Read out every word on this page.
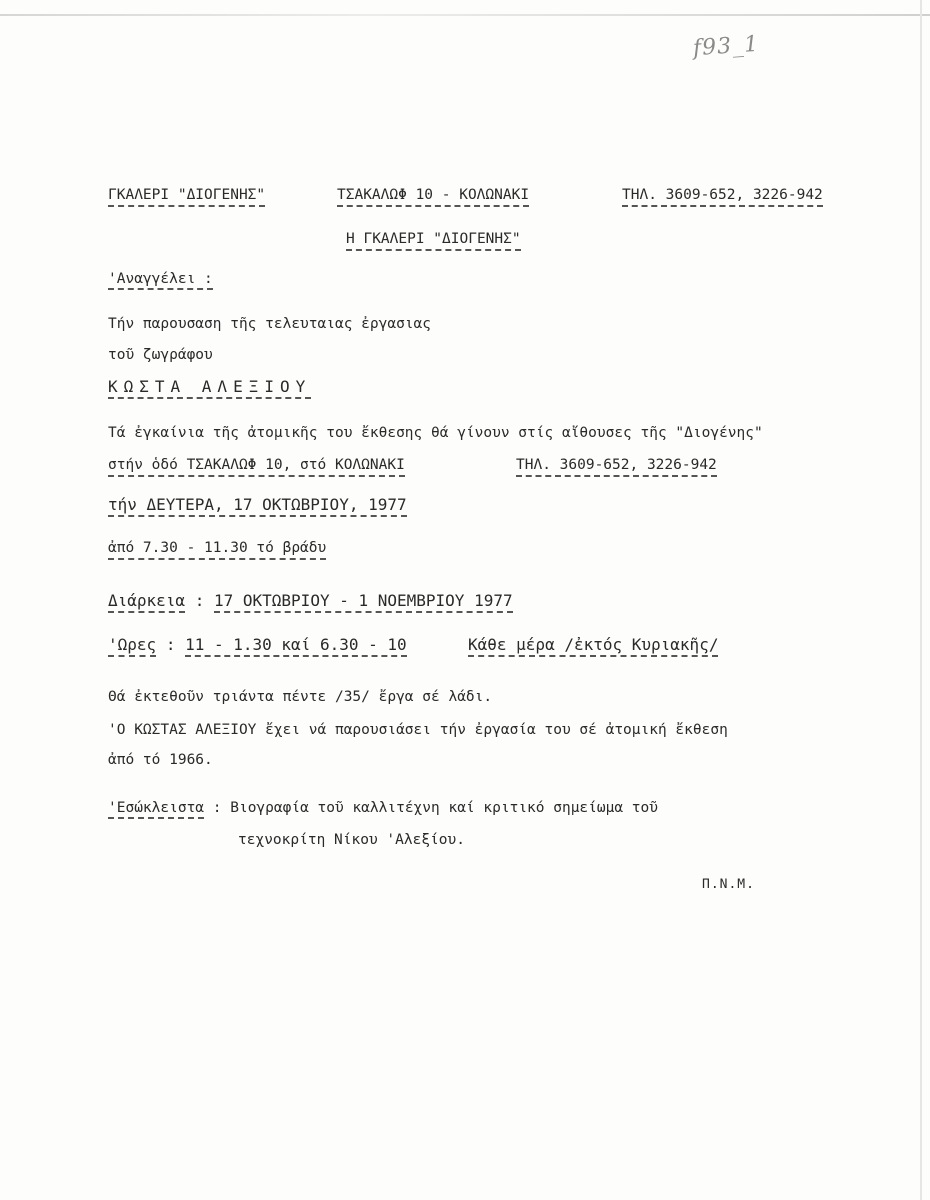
f93_1
ΓΚΑΛΕΡΙ "ΔΙΟΓΕΝΗΣ"	ΤΣΑΚΑΛΩΦ 10 - ΚΟΛΩΝΑΚΙ	ΤΗΛ. 3609-652, 3226-942
Η ΓΚΑΛΕΡΙ "ΔΙΟΓΕΝΗΣ"
'Αναγγέλει :
Τήν παρουσαση τῆς τελευταιας ἐργασιας
τοῦ ζωγράφου
ΚΩΣΤΑ ΑΛΕΞΙΟΥ
Τά ἐγκαίνια τῆς ἀτομικῆς του ἔκθεσης θά γίνουν στίς αἴθουσες τῆς "Διογένης"
στήν ὁδό ΤΣΑΚΑΛΩΦ 10, στό ΚΟΛΩΝΑΚΙ	ΤΗΛ. 3609-652, 3226-942
τήν ΔΕΥΤΕΡΑ, 17 ΟΚΤΩΒΡΙΟΥ, 1977
ἀπό 7.30 - 11.30 τό βράδυ
Διάρκεια : 17 ΟΚΤΩΒΡΙΟΥ - 1 ΝΟΕΜΒΡΙΟΥ 1977
'Ωρες : 11 - 1.30 καί 6.30 - 10	Κάθε μέρα /ἐκτός Κυριακῆς/
Θά ἐκτεθοῦν τριάντα πέντε /35/ ἔργα σέ λάδι.
'Ο ΚΩΣΤΑΣ ΑΛΕΞΙΟΥ ἔχει νά παρουσιάσει τήν ἐργασία του σέ ἀτομική ἔκθεση
ἀπό τό 1966.
'Εσώκλειστα : Βιογραφία τοῦ καλλιτέχνη καί κριτικό σημείωμα τοῦ
τεχνοκρίτη Νίκου 'Αλεξίου.
Π.Ν.Μ.
